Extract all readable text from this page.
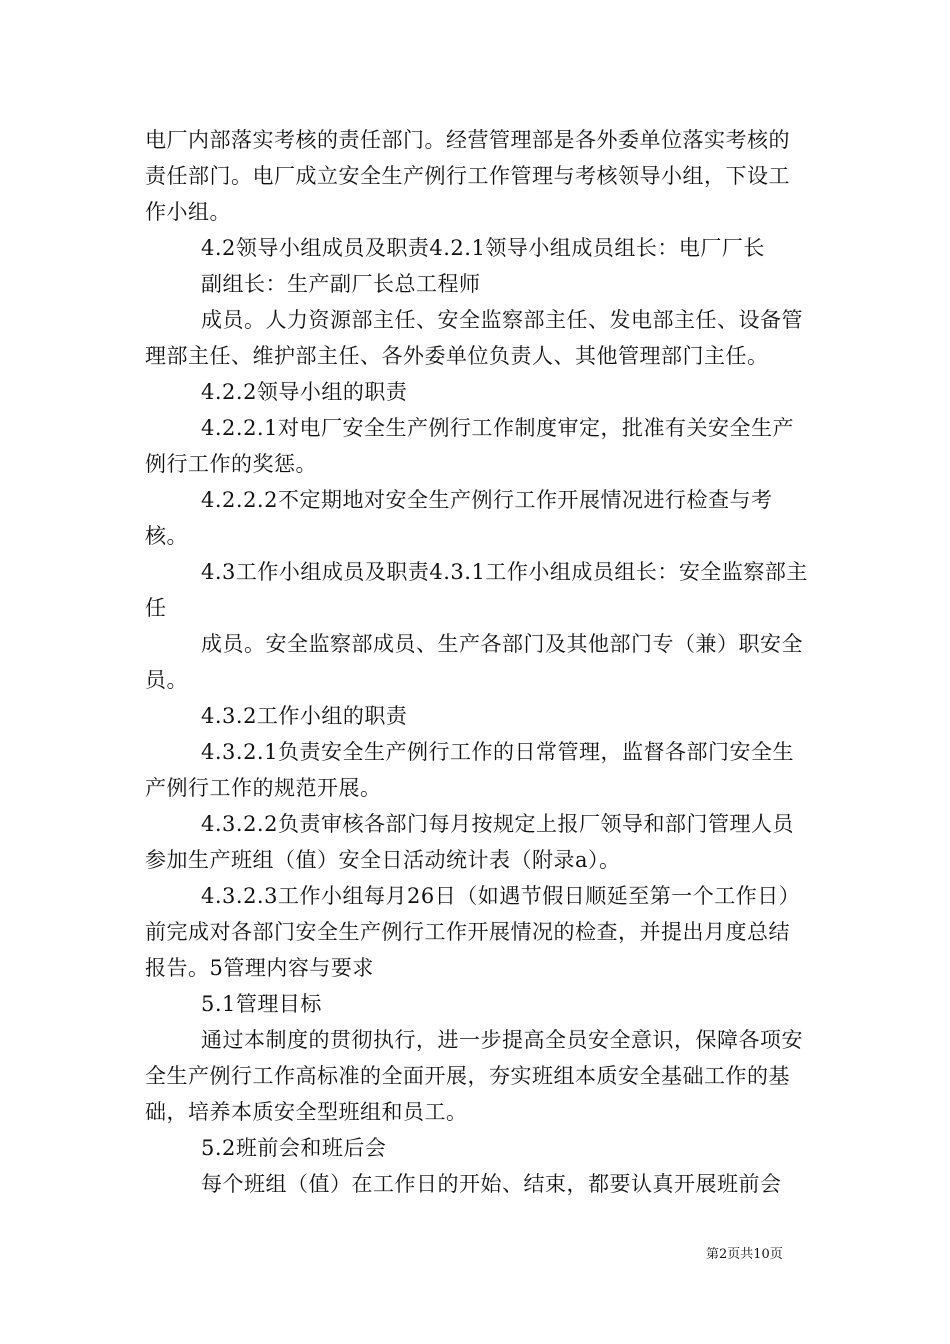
电厂内部落实考核的责任部门。经营管理部是各外委单位落实考核的责任部门。电厂成立安全生产例行工作管理与考核领导小组，下设工作小组。

4.2领导小组成员及职责4.2.1领导小组成员组长：电厂厂长

副组长：生产副厂长总工程师

成员。人力资源部主任、安全监察部主任、发电部主任、设备管理部主任、维护部主任、各外委单位负责人、其他管理部门主任。

4.2.2领导小组的职责

4.2.2.1对电厂安全生产例行工作制度审定，批准有关安全生产例行工作的奖惩。

4.2.2.2不定期地对安全生产例行工作开展情况进行检查与考核。

4.3工作小组成员及职责4.3.1工作小组成员组长：安全监察部主任

成员。安全监察部成员、生产各部门及其他部门专（兼）职安全员。

4.3.2工作小组的职责

4.3.2.1负责安全生产例行工作的日常管理，监督各部门安全生产例行工作的规范开展。

4.3.2.2负责审核各部门每月按规定上报厂领导和部门管理人员参加生产班组（值）安全日活动统计表（附录a）。

4.3.2.3工作小组每月26日（如遇节假日顺延至第一个工作日）前完成对各部门安全生产例行工作开展情况的检查，并提出月度总结报告。5管理内容与要求

5.1管理目标

通过本制度的贯彻执行，进一步提高全员安全意识，保障各项安全生产例行工作高标准的全面开展，夯实班组本质安全基础工作的基础，培养本质安全型班组和员工。

5.2班前会和班后会

每个班组（值）在工作日的开始、结束，都要认真开展班前会

第2页共10页
